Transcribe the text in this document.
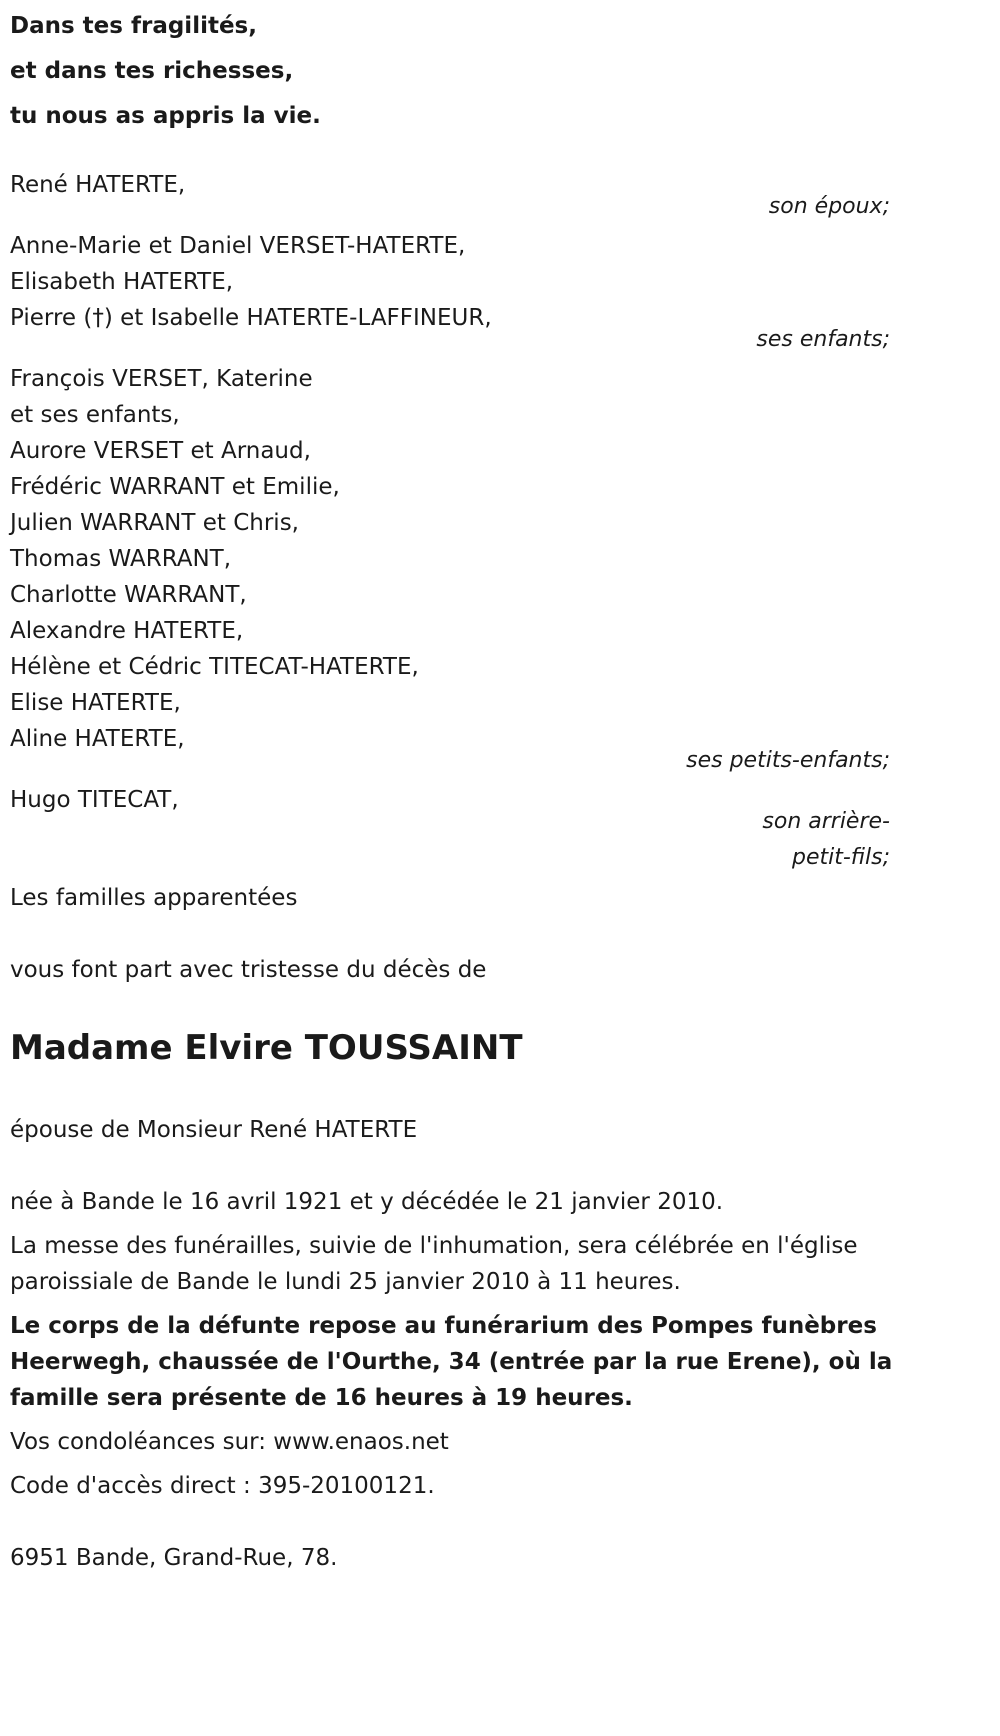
Dans tes fragilités,
et dans tes richesses,
tu nous as appris la vie.
René HATERTE,
son époux;
Anne-Marie et Daniel VERSET-HATERTE,
Elisabeth HATERTE,
Pierre (†) et Isabelle HATERTE-LAFFINEUR,
ses enfants;
François VERSET, Katerine
et ses enfants,
Aurore VERSET et Arnaud,
Frédéric WARRANT et Emilie,
Julien WARRANT et Chris,
Thomas WARRANT,
Charlotte WARRANT,
Alexandre HATERTE,
Hélène et Cédric TITECAT-HATERTE,
Elise HATERTE,
Aline HATERTE,
ses petits-enfants;
Hugo TITECAT,
son arrière-
petit-fils;
Les familles apparentées
vous font part avec tristesse du décès de
Madame Elvire TOUSSAINT
épouse de Monsieur René HATERTE
née à Bande le 16 avril 1921 et y décédée le 21 janvier 2010.
La messe des funérailles, suivie de l'inhumation, sera célébrée en l'église
paroissiale de Bande le lundi 25 janvier 2010 à 11 heures.
Le corps de la défunte repose au funérarium des Pompes funèbres
Heerwegh, chaussée de l'Ourthe, 34 (entrée par la rue Erene), où la
famille sera présente de 16 heures à 19 heures.
Vos condoléances sur: www.enaos.net
Code d'accès direct : 395-20100121.
6951 Bande, Grand-Rue, 78.
